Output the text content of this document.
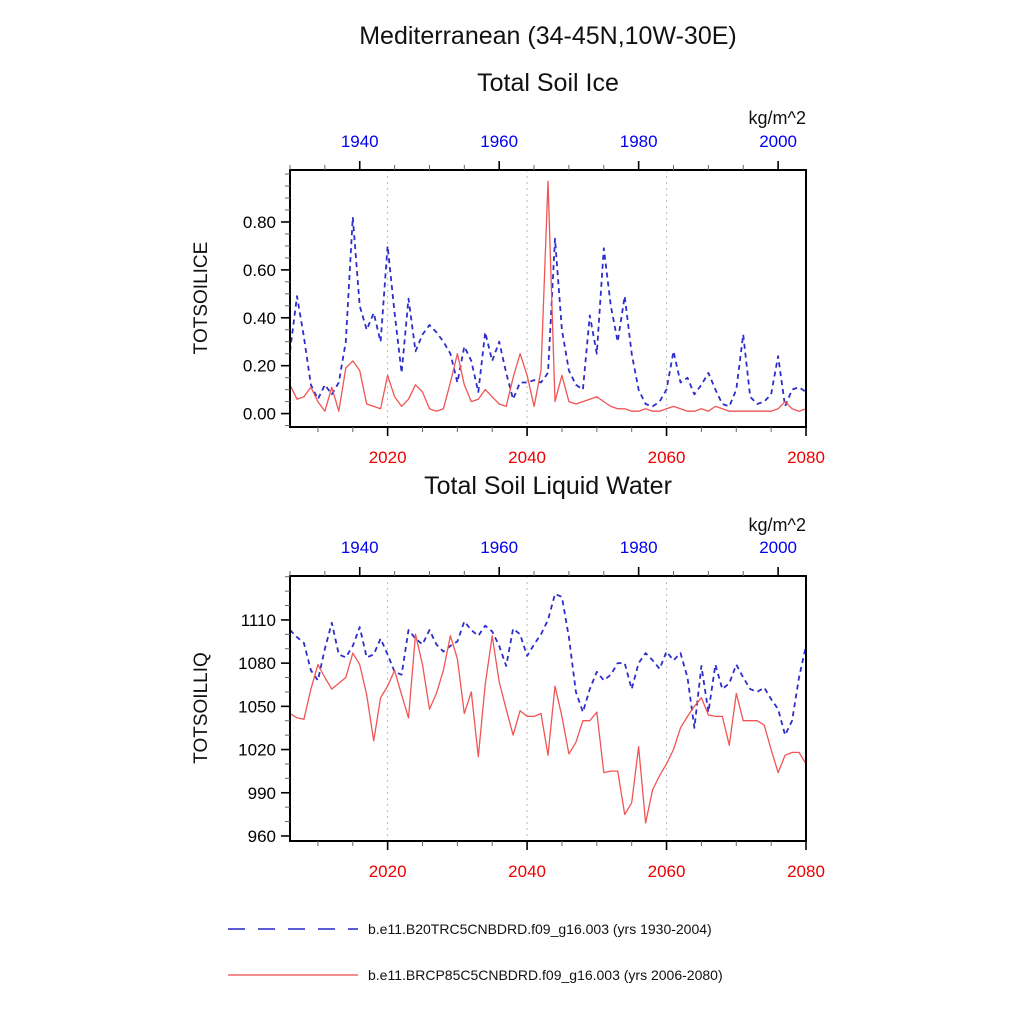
Mediterranean (34-45N,10W-30E)
Total Soil Ice
kg/m^2
TOTSOILICE
Total Soil Liquid Water
kg/m^2
TOTSOILLIQ
1940	1960	1980	2000
2020	2040	2060	2080
0.00
0.20
0.40
0.60
0.80
1940	1960	1980	2000
2020	2040	2060	2080
960
990
1020
1050
1080
1110
b.e11.B20TRC5CNBDRD.f09_g16.003 (yrs 1930-2004)
b.e11.BRCP85C5CNBDRD.f09_g16.003 (yrs 2006-2080)
